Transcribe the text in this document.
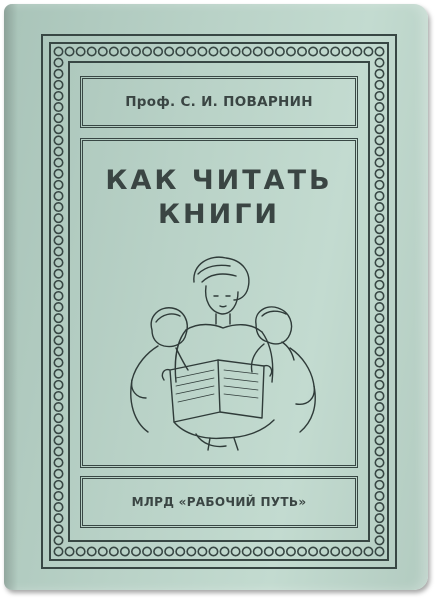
Проф. С. И. ПОВАРНИН
КАК ЧИТАТЬ
КНИГИ
МЛРД «РАБОЧИЙ ПУТЬ»
